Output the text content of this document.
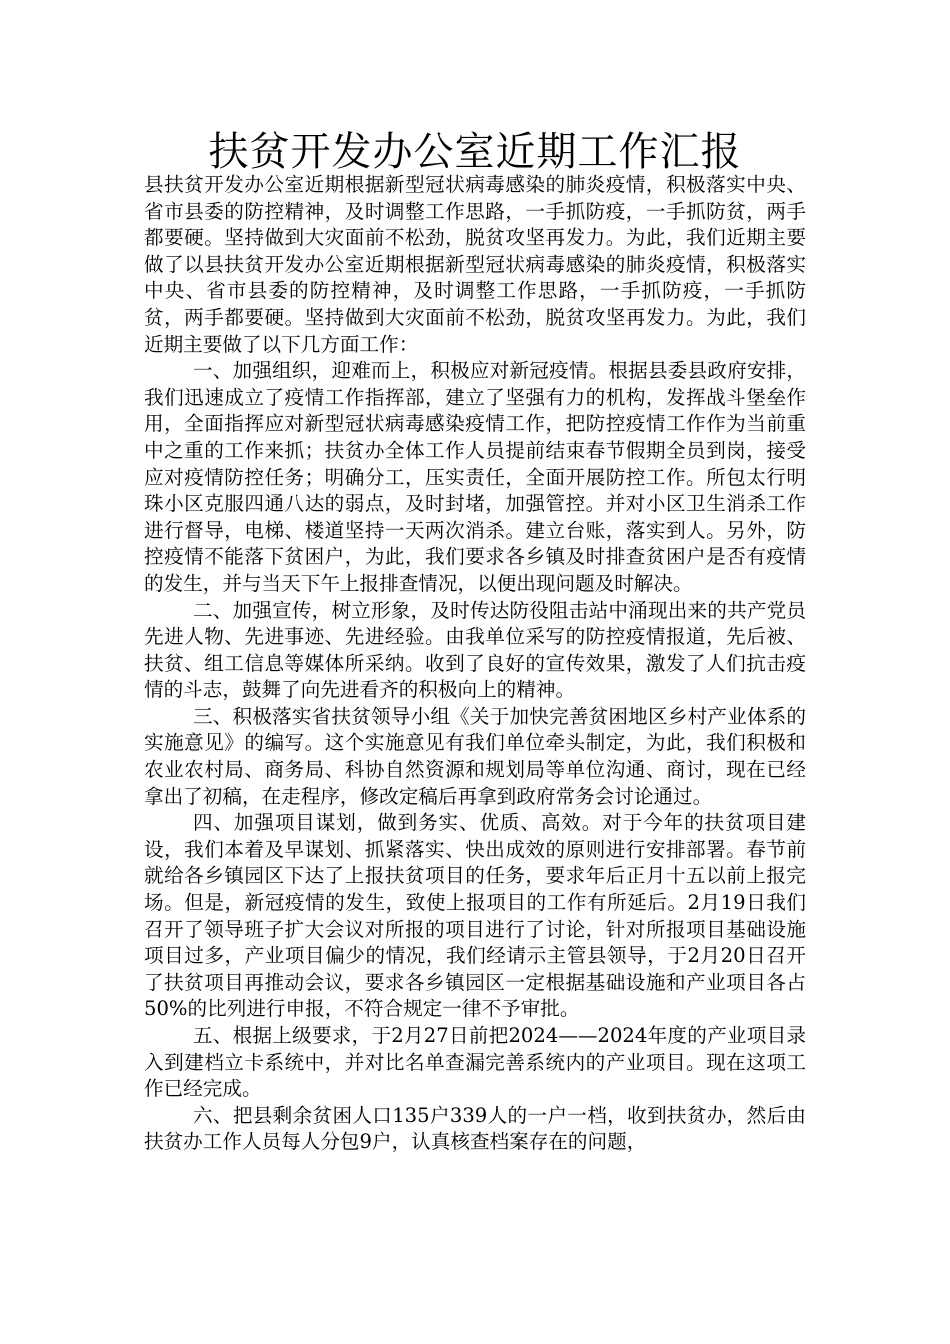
扶贫开发办公室近期工作汇报

县扶贫开发办公室近期根据新型冠状病毒感染的肺炎疫情，积极落实中央、省市县委的防控精神，及时调整工作思路，一手抓防疫，一手抓防贫，两手都要硬。坚持做到大灾面前不松劲，脱贫攻坚再发力。为此，我们近期主要做了以县扶贫开发办公室近期根据新型冠状病毒感染的肺炎疫情，积极落实中央、省市县委的防控精神，及时调整工作思路，一手抓防疫，一手抓防贫，两手都要硬。坚持做到大灾面前不松劲，脱贫攻坚再发力。为此，我们近期主要做了以下几方面工作：

一、加强组织，迎难而上，积极应对新冠疫情。根据县委县政府安排，我们迅速成立了疫情工作指挥部，建立了坚强有力的机构，发挥战斗堡垒作用，全面指挥应对新型冠状病毒感染疫情工作，把防控疫情工作作为当前重中之重的工作来抓；扶贫办全体工作人员提前结束春节假期全员到岗，接受应对疫情防控任务；明确分工，压实责任，全面开展防控工作。所包太行明珠小区克服四通八达的弱点，及时封堵，加强管控。并对小区卫生消杀工作进行督导，电梯、楼道坚持一天两次消杀。建立台账，落实到人。另外，防控疫情不能落下贫困户，为此，我们要求各乡镇及时排查贫困户是否有疫情的发生，并与当天下午上报排查情况，以便出现问题及时解决。

二、加强宣传，树立形象，及时传达防役阻击站中涌现出来的共产党员先进人物、先进事迹、先进经验。由我单位采写的防控疫情报道，先后被、扶贫、组工信息等媒体所采纳。收到了良好的宣传效果，激发了人们抗击疫情的斗志，鼓舞了向先进看齐的积极向上的精神。

三、积极落实省扶贫领导小组《关于加快完善贫困地区乡村产业体系的实施意见》的编写。这个实施意见有我们单位牵头制定，为此，我们积极和农业农村局、商务局、科协自然资源和规划局等单位沟通、商讨，现在已经拿出了初稿，在走程序，修改定稿后再拿到政府常务会讨论通过。

四、加强项目谋划，做到务实、优质、高效。对于今年的扶贫项目建设，我们本着及早谋划、抓紧落实、快出成效的原则进行安排部署。春节前就给各乡镇园区下达了上报扶贫项目的任务，要求年后正月十五以前上报完场。但是，新冠疫情的发生，致使上报项目的工作有所延后。2月19日我们召开了领导班子扩大会议对所报的项目进行了讨论，针对所报项目基础设施项目过多，产业项目偏少的情况，我们经请示主管县领导，于2月20日召开了扶贫项目再推动会议，要求各乡镇园区一定根据基础设施和产业项目各占50%的比列进行申报，不符合规定一律不予审批。

五、根据上级要求，于2月27日前把2024——2024年度的产业项目录入到建档立卡系统中，并对比名单查漏完善系统内的产业项目。现在这项工作已经完成。

六、把县剩余贫困人口135户339人的一户一档，收到扶贫办，然后由扶贫办工作人员每人分包9户，认真核查档案存在的问题，
